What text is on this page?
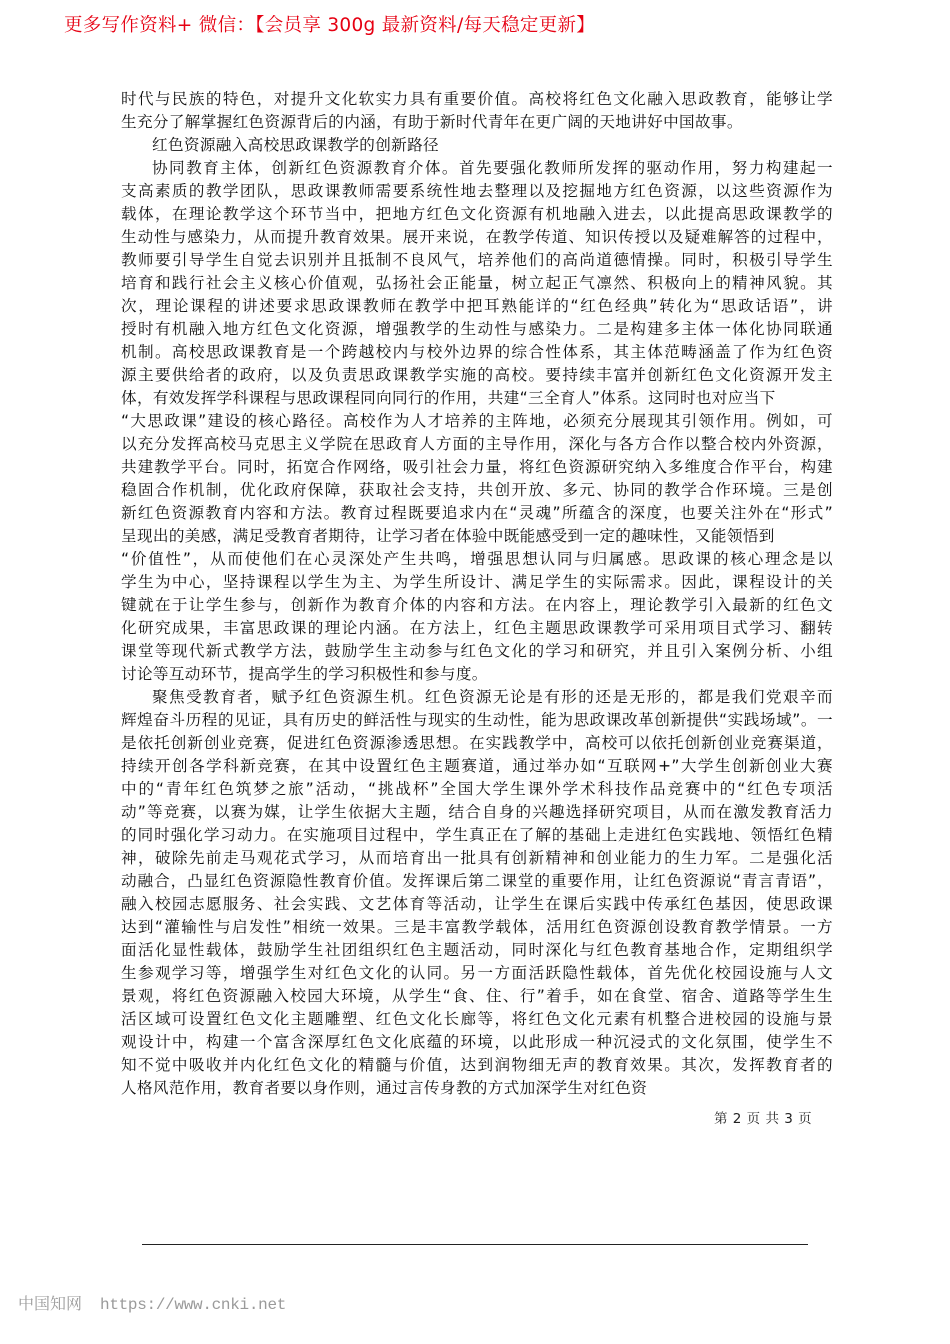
更多写作资料+ 微信：【会员享 300g 最新资料/每天稳定更新】
时代与民族的特色，对提升文化软实力具有重要价值。高校将红色文化融入思政教育，能够让学
生充分了解掌握红色资源背后的内涵，有助于新时代青年在更广阔的天地讲好中国故事。
红色资源融入高校思政课教学的创新路径
协同教育主体，创新红色资源教育介体。首先要强化教师所发挥的驱动作用，努力构建起一
支高素质的教学团队，思政课教师需要系统性地去整理以及挖掘地方红色资源，以这些资源作为
载体，在理论教学这个环节当中，把地方红色文化资源有机地融入进去，以此提高思政课教学的
生动性与感染力，从而提升教育效果。展开来说，在教学传道、知识传授以及疑难解答的过程中，
教师要引导学生自觉去识别并且抵制不良风气，培养他们的高尚道德情操。同时，积极引导学生
培育和践行社会主义核心价值观，弘扬社会正能量，树立起正气凛然、积极向上的精神风貌。其
次，理论课程的讲述要求思政课教师在教学中把耳熟能详的“红色经典”转化为“思政话语”，讲
授时有机融入地方红色文化资源，增强教学的生动性与感染力。二是构建多主体一体化协同联通
机制。高校思政课教育是一个跨越校内与校外边界的综合性体系，其主体范畴涵盖了作为红色资
源主要供给者的政府，以及负责思政课教学实施的高校。要持续丰富并创新红色文化资源开发主
体，有效发挥学科课程与思政课程同向同行的作用，共建“三全育人”体系。这同时也对应当下
“大思政课”建设的核心路径。高校作为人才培养的主阵地，必须充分展现其引领作用。例如，可
以充分发挥高校马克思主义学院在思政育人方面的主导作用，深化与各方合作以整合校内外资源，
共建教学平台。同时，拓宽合作网络，吸引社会力量，将红色资源研究纳入多维度合作平台，构建
稳固合作机制，优化政府保障，获取社会支持，共创开放、多元、协同的教学合作环境。三是创
新红色资源教育内容和方法。教育过程既要追求内在“灵魂”所蕴含的深度，也要关注外在“形式”
呈现出的美感，满足受教育者期待，让学习者在体验中既能感受到一定的趣味性，又能领悟到
“价值性”，从而使他们在心灵深处产生共鸣，增强思想认同与归属感。思政课的核心理念是以
学生为中心，坚持课程以学生为主、为学生所设计、满足学生的实际需求。因此，课程设计的关
键就在于让学生参与，创新作为教育介体的内容和方法。在内容上，理论教学引入最新的红色文
化研究成果，丰富思政课的理论内涵。在方法上，红色主题思政课教学可采用项目式学习、翻转
课堂等现代新式教学方法，鼓励学生主动参与红色文化的学习和研究，并且引入案例分析、小组
讨论等互动环节，提高学生的学习积极性和参与度。
聚焦受教育者，赋予红色资源生机。红色资源无论是有形的还是无形的，都是我们党艰辛而
辉煌奋斗历程的见证，具有历史的鲜活性与现实的生动性，能为思政课改革创新提供“实践场域”。一
是依托创新创业竞赛，促进红色资源渗透思想。在实践教学中，高校可以依托创新创业竞赛渠道，
持续开创各学科新竞赛，在其中设置红色主题赛道，通过举办如“互联网+”大学生创新创业大赛
中的“青年红色筑梦之旅”活动，“挑战杯”全国大学生课外学术科技作品竞赛中的“红色专项活
动”等竞赛，以赛为媒，让学生依据大主题，结合自身的兴趣选择研究项目，从而在激发教育活力
的同时强化学习动力。在实施项目过程中，学生真正在了解的基础上走进红色实践地、领悟红色精
神，破除先前走马观花式学习，从而培育出一批具有创新精神和创业能力的生力军。二是强化活
动融合，凸显红色资源隐性教育价值。发挥课后第二课堂的重要作用，让红色资源说“青言青语”，
融入校园志愿服务、社会实践、文艺体育等活动，让学生在课后实践中传承红色基因，使思政课
达到“灌输性与启发性”相统一效果。三是丰富教学载体，活用红色资源创设教育教学情景。一方
面活化显性载体，鼓励学生社团组织红色主题活动，同时深化与红色教育基地合作，定期组织学
生参观学习等，增强学生对红色文化的认同。另一方面活跃隐性载体，首先优化校园设施与人文
景观，将红色资源融入校园大环境，从学生“食、住、行”着手，如在食堂、宿舍、道路等学生生
活区域可设置红色文化主题雕塑、红色文化长廊等，将红色文化元素有机整合进校园的设施与景
观设计中，构建一个富含深厚红色文化底蕴的环境，以此形成一种沉浸式的文化氛围，使学生不
知不觉中吸收并内化红色文化的精髓与价值，达到润物细无声的教育效果。其次，发挥教育者的
人格风范作用，教育者要以身作则，通过言传身教的方式加深学生对红色资
第 2 页 共 3 页
中国知网 https://www.cnki.net
